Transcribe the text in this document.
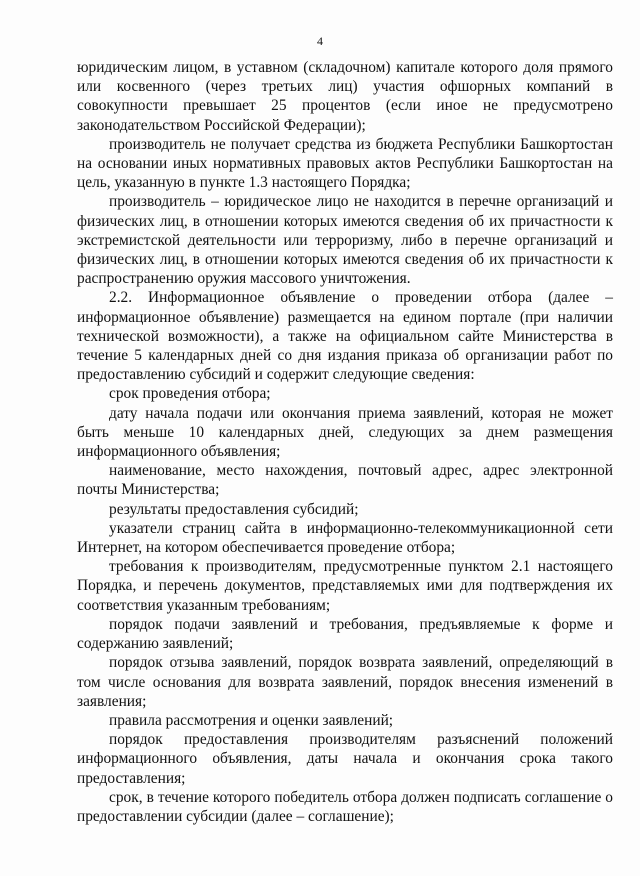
4

юридическим лицом, в уставном (складочном) капитале которого доля прямого или косвенного (через третьих лиц) участия офшорных компаний в совокупности превышает 25 процентов (если иное не предусмотрено законодательством Российской Федерации);

производитель не получает средства из бюджета Республики Башкортостан на основании иных нормативных правовых актов Республики Башкортостан на цель, указанную в пункте 1.3 настоящего Порядка;

производитель – юридическое лицо не находится в перечне организаций и физических лиц, в отношении которых имеются сведения об их причастности к экстремистской деятельности или терроризму, либо в перечне организаций и физических лиц, в отношении которых имеются сведения об их причастности к распространению оружия массового уничтожения.

2.2. Информационное объявление о проведении отбора (далее – информационное объявление) размещается на едином портале (при наличии технической возможности), а также на официальном сайте Министерства в течение 5 календарных дней со дня издания приказа об организации работ по предоставлению субсидий и содержит следующие сведения:

срок проведения отбора;

дату начала подачи или окончания приема заявлений, которая не может быть меньше 10 календарных дней, следующих за днем размещения информационного объявления;

наименование, место нахождения, почтовый адрес, адрес электронной почты Министерства;

результаты предоставления субсидий;

указатели страниц сайта в информационно-телекоммуникационной сети Интернет, на котором обеспечивается проведение отбора;

требования к производителям, предусмотренные пунктом 2.1 настоящего Порядка, и перечень документов, представляемых ими для подтверждения их соответствия указанным требованиям;

порядок подачи заявлений и требования, предъявляемые к форме и содержанию заявлений;

порядок отзыва заявлений, порядок возврата заявлений, определяющий в том числе основания для возврата заявлений, порядок внесения изменений в заявления;

правила рассмотрения и оценки заявлений;

порядок предоставления производителям разъяснений положений информационного объявления, даты начала и окончания срока такого предоставления;

срок, в течение которого победитель отбора должен подписать соглашение о предоставлении субсидии (далее – соглашение);
